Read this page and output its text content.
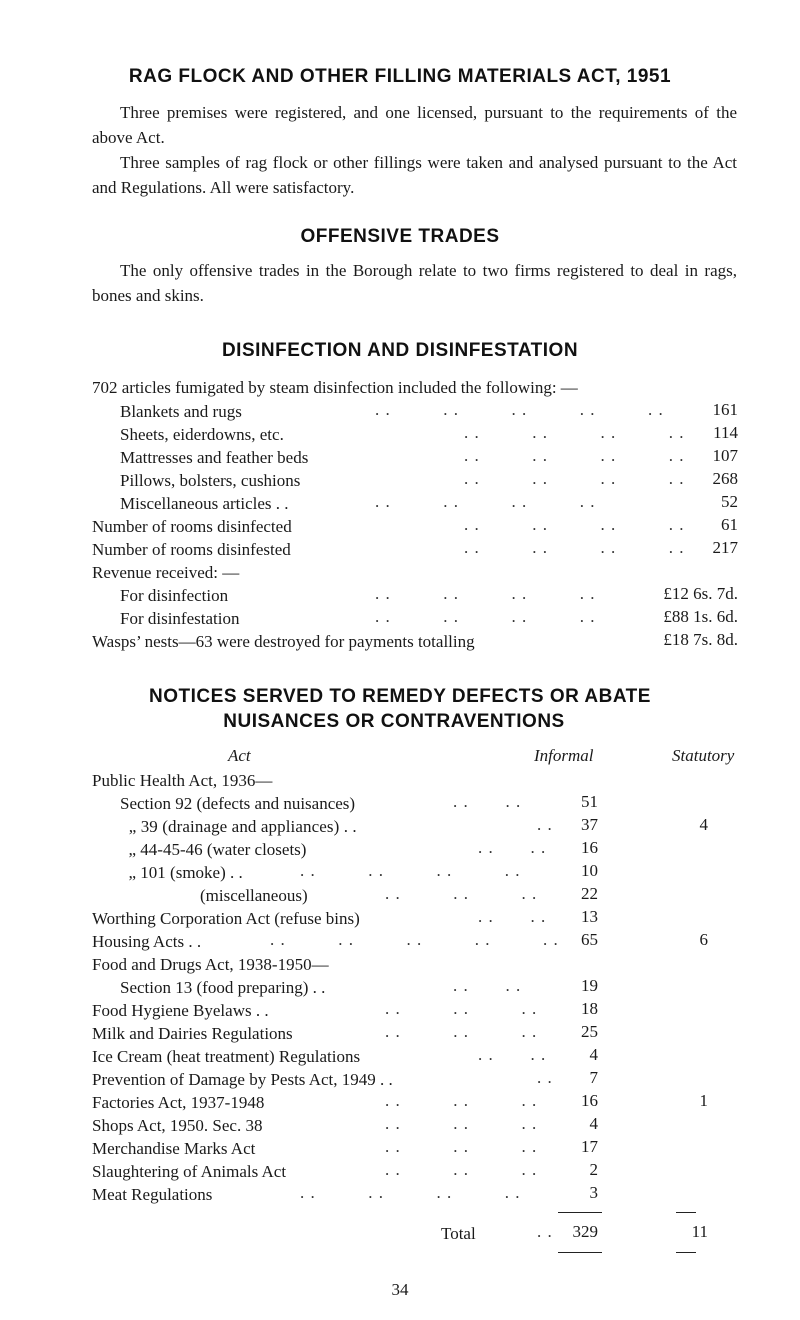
RAG FLOCK AND OTHER FILLING MATERIALS ACT, 1951

Three premises were registered, and one licensed, pursuant to the requirements of the above Act.

Three samples of rag flock or other fillings were taken and analysed pursuant to the Act and Regulations. All were satisfactory.

OFFENSIVE TRADES

The only offensive trades in the Borough relate to two firms registered to deal in rags, bones and skins.

DISINFECTION AND DISINFESTATION
702 articles fumigated by steam disinfection included the following: —
Blankets and rugs	. .          . .          . .          . .          . .	161
Sheets, eiderdowns, etc.	. .          . .          . .          . .	114
Mattresses and feather beds	. .          . .          . .          . .	107
Pillows, bolsters, cushions	. .          . .          . .          . .	268
Miscellaneous articles . .	. .          . .          . .          . .	52
Number of rooms disinfected	. .          . .          . .          . .	61
Number of rooms disinfested	. .          . .          . .          . .	217
Revenue received: —
For disinfection	. .          . .          . .          . .	£12 6s. 7d.
For disinfestation	. .          . .          . .          . .	£88 1s. 6d.
Wasps’ nests—63 were destroyed for payments totalling	£18 7s. 8d.
NOTICES SERVED TO REMEDY DEFECTS OR ABATE
NUISANCES OR CONTRAVENTIONS
Act	Informal	Statutory
Public Health Act, 1936—
Section 92 (defects and nuisances)	. .       . .	51
„ 39 (drainage and appliances) . .	. .	37	4
„ 44-45-46 (water closets)	. .       . .	16
„ 101 (smoke) . .	. .          . .          . .          . .	10
(miscellaneous)	. .          . .          . .	22
Worthing Corporation Act (refuse bins)	. .       . .	13
Housing Acts . .	. .          . .          . .          . .          . .	65	6
Food and Drugs Act, 1938-1950—
Section 13 (food preparing) . .	. .       . .	19
Food Hygiene Byelaws . .	. .          . .          . .	18
Milk and Dairies Regulations	. .          . .          . .	25
Ice Cream (heat treatment) Regulations	. .       . .	4
Prevention of Damage by Pests Act, 1949 . .	. .	7
Factories Act, 1937-1948	. .          . .          . .	16	1
Shops Act, 1950. Sec. 38	. .          . .          . .	4
Merchandise Marks Act	. .          . .          . .	17
Slaughtering of Animals Act	. .          . .          . .	2
Meat Regulations	. .          . .          . .          . .	3
Total	. .	329	11
34
